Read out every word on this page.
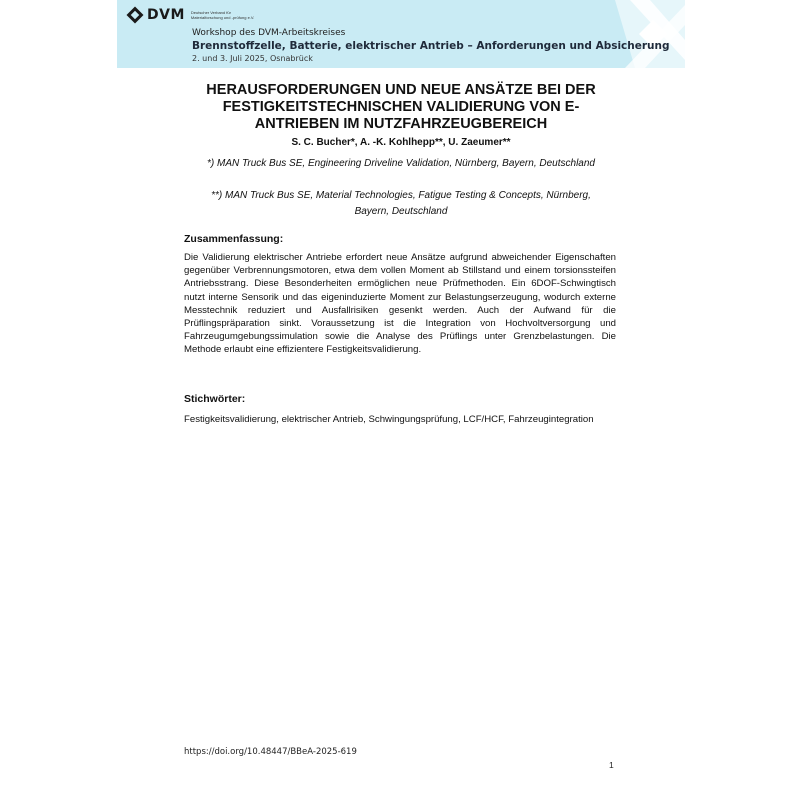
DVM Deutscher Verband für Materialforschung und -prüfung e.V.
Workshop des DVM-Arbeitskreises
Brennstoffzelle, Batterie, elektrischer Antrieb – Anforderungen und Absicherung
2. und 3. Juli 2025, Osnabrück
HERAUSFORDERUNGEN UND NEUE ANSÄTZE BEI DER FESTIGKEITSTECHNISCHEN VALIDIERUNG VON E-ANTRIEBEN IM NUTZFAHRZEUGBEREICH
S. C. Bucher*, A. -K. Kohlhepp**, U. Zaeumer**
*) MAN Truck Bus SE, Engineering Driveline Validation, Nürnberg, Bayern, Deutschland
**) MAN Truck Bus SE, Material Technologies, Fatigue Testing & Concepts, Nürnberg, Bayern, Deutschland
Zusammenfassung:

Die Validierung elektrischer Antriebe erfordert neue Ansätze aufgrund abweichender Eigenschaften gegenüber Verbrennungsmotoren, etwa dem vollen Moment ab Stillstand und einem torsionssteifen Antriebsstrang. Diese Besonderheiten ermöglichen neue Prüfmethoden. Ein 6DOF-Schwingtisch nutzt interne Sensorik und das eigeninduzierte Moment zur Belastungserzeugung, wodurch externe Messtechnik reduziert und Ausfallrisiken gesenkt werden. Auch der Aufwand für die Prüflingspräparation sinkt. Voraussetzung ist die Integration von Hochvoltversorgung und Fahrzeugumgebungssimulation sowie die Analyse des Prüflings unter Grenzbelastungen. Die Methode erlaubt eine effizientere Festigkeitsvalidierung.

Stichwörter:

Festigkeitsvalidierung, elektrischer Antrieb, Schwingungsprüfung, LCF/HCF, Fahrzeugintegration

https://doi.org/10.48447/BBeA-2025-619
1
